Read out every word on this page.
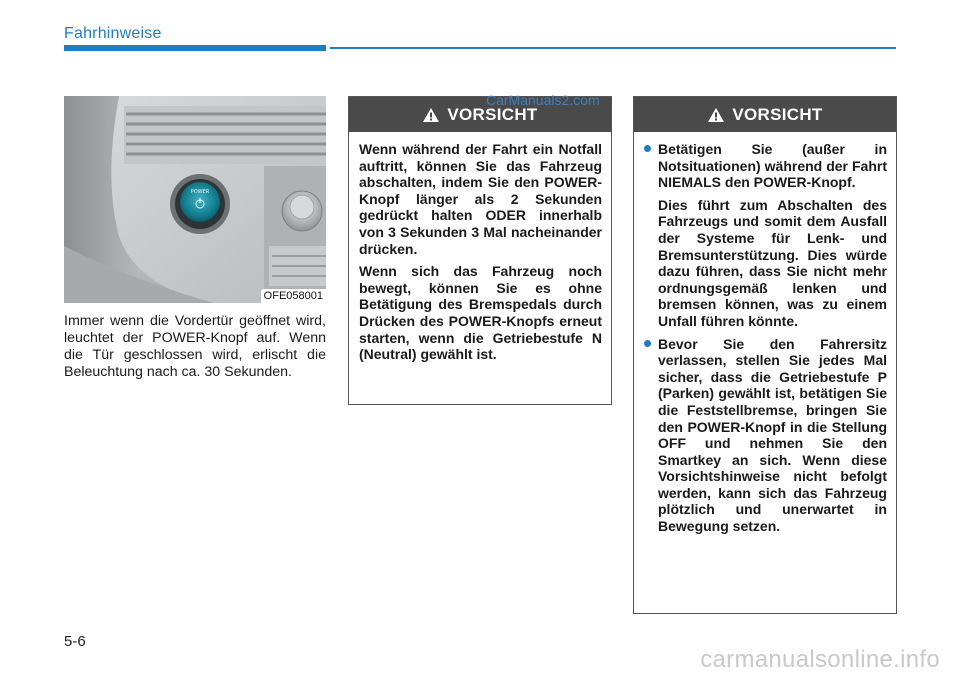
Fahrhinweise
POWER
OFE058001
Immer wenn die Vordertür geöffnet wird, leuchtet der POWER-Knopf auf. Wenn die Tür geschlossen wird, erlischt die Beleuchtung nach ca. 30 Sekunden.
VORSICHT

Wenn während der Fahrt ein Notfall auftritt, können Sie das Fahrzeug abschalten, indem Sie den POWER-Knopf länger als 2 Sekunden gedrückt halten ODER innerhalb von 3 Sekunden 3 Mal nacheinander drücken.

Wenn sich das Fahrzeug noch bewegt, können Sie es ohne Betätigung des Bremspedals durch Drücken des POWER-Knopfs erneut starten, wenn die Getriebestufe N (Neutral) gewählt ist.

VORSICHT

Betätigen Sie (außer in Notsituationen) während der Fahrt NIEMALS den POWER-Knopf.

Dies führt zum Abschalten des Fahrzeugs und somit dem Ausfall der Systeme für Lenk- und Bremsunterstützung. Dies würde dazu führen, dass Sie nicht mehr ordnungsgemäß lenken und bremsen können, was zu einem Unfall führen könnte.

Bevor Sie den Fahrersitz verlassen, stellen Sie jedes Mal sicher, dass die Getriebestufe P (Parken) gewählt ist, betätigen Sie die Feststellbremse, bringen Sie den POWER-Knopf in die Stellung OFF und nehmen Sie den Smartkey an sich. Wenn diese Vorsichtshinweise nicht befolgt werden, kann sich das Fahrzeug plötzlich und unerwartet in Bewegung setzen.

CarManuals2.com
5-6
carmanualsonline.info
